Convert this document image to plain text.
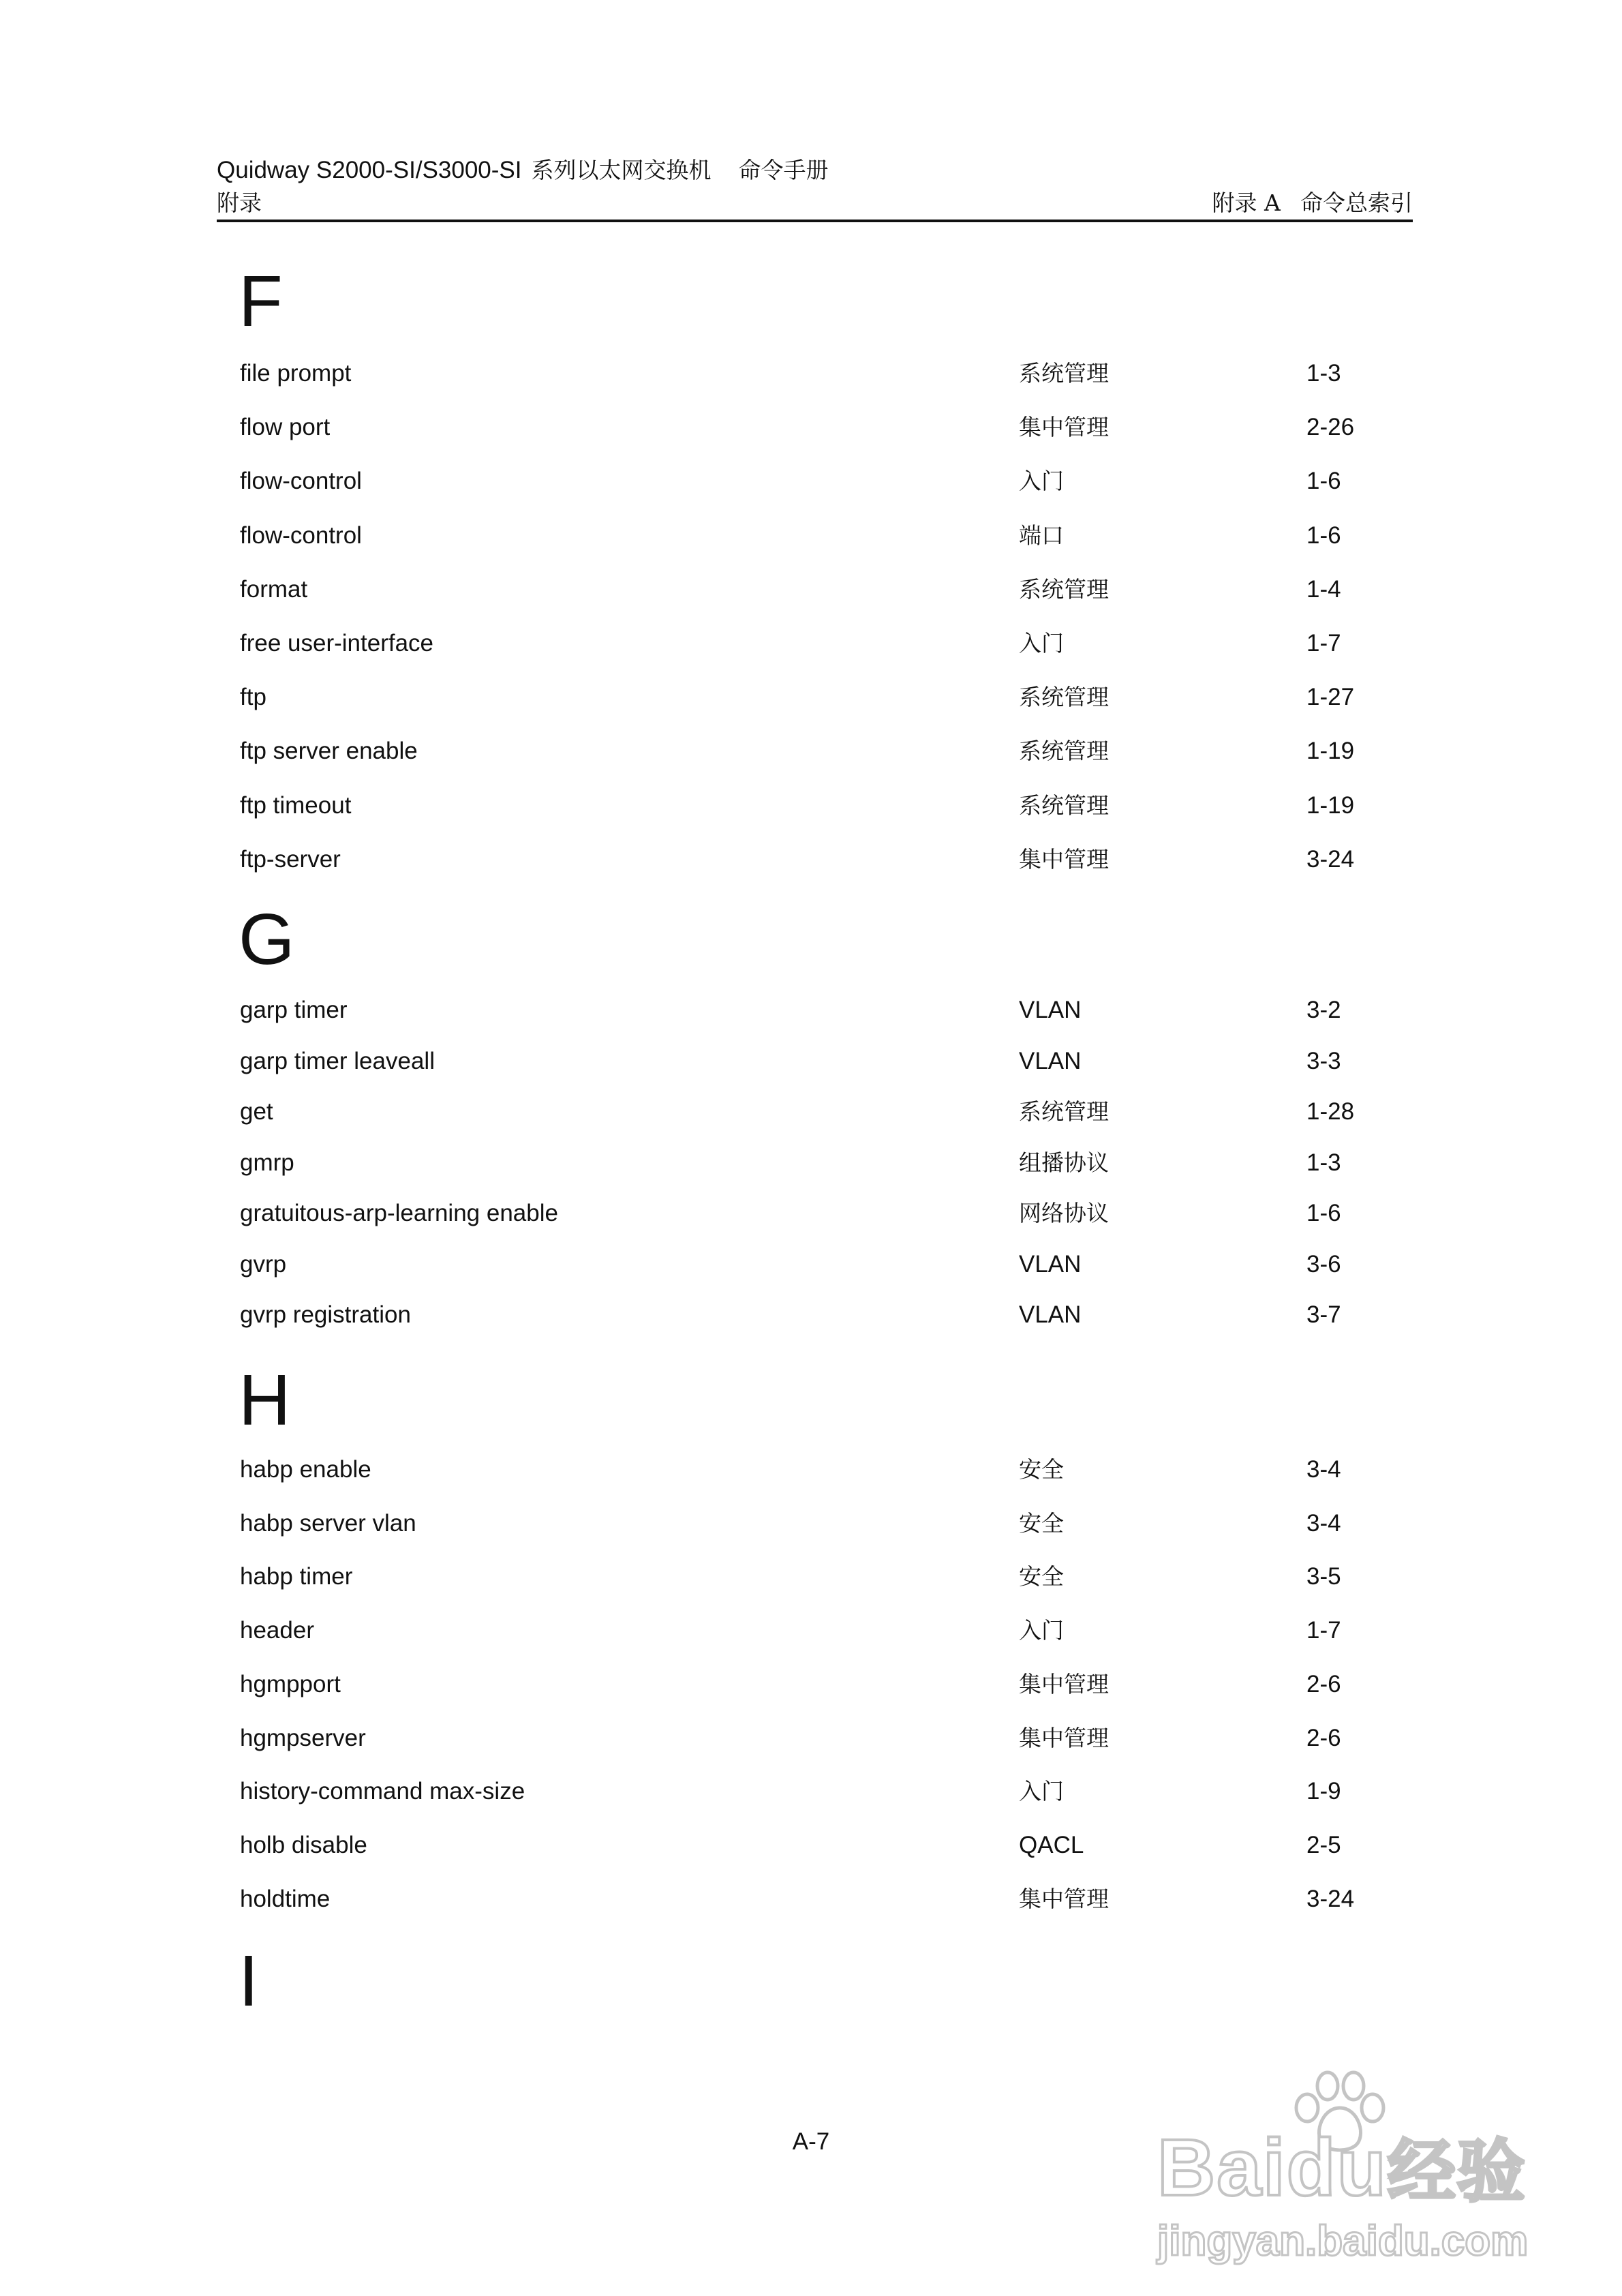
Quidway S2000-SI/S3000-SI 系列以太网交换机 命令手册
附录	附录 A 命令总索引
F
file prompt	系统管理	1-3
flow port	集中管理	2-26
flow-control	入门	1-6
flow-control	端口	1-6
format	系统管理	1-4
free user-interface	入门	1-7
ftp	系统管理	1-27
ftp server enable	系统管理	1-19
ftp timeout	系统管理	1-19
ftp-server	集中管理	3-24
G
garp timer	VLAN	3-2
garp timer leaveall	VLAN	3-3
get	系统管理	1-28
gmrp	组播协议	1-3
gratuitous-arp-learning enable	网络协议	1-6
gvrp	VLAN	3-6
gvrp registration	VLAN	3-7
H
habp enable	安全	3-4
habp server vlan	安全	3-4
habp timer	安全	3-5
header	入门	1-7
hgmpport	集中管理	2-6
hgmpserver	集中管理	2-6
history-command max-size	入门	1-9
holb disable	QACL	2-5
holdtime	集中管理	3-24
I
A-7	Baidu经验
jingyan.baidu.com
